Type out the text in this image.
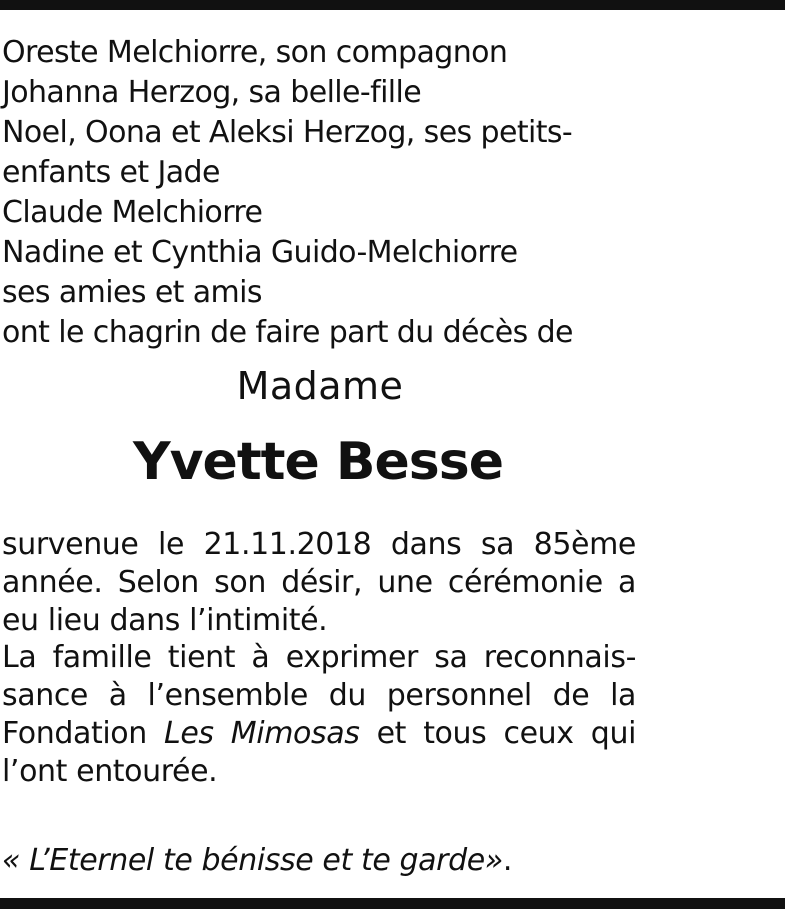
Oreste Melchiorre, son compagnon
Johanna Herzog, sa belle-fille
Noel, Oona et Aleksi Herzog, ses petits-
enfants et Jade
Claude Melchiorre
Nadine et Cynthia Guido-Melchiorre
ses amies et amis
ont le chagrin de faire part du décès de
Madame
Yvette Besse
survenue le 21.11.2018 dans sa 85ème
année. Selon son désir, une cérémonie a
eu lieu dans l’intimité.
La famille tient à exprimer sa reconnais-
sance à l’ensemble du personnel de la
Fondation Les Mimosas et tous ceux qui
l’ont entourée.
« L’Eternel te bénisse et te garde».
